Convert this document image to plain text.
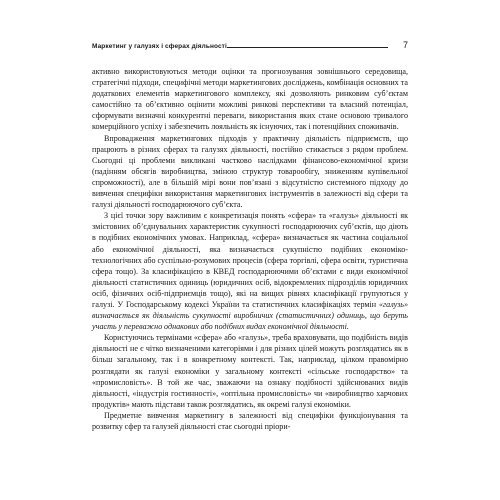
Маркетинг у галузях і сферах діяльності	7

активно використовуються методи оцінки та прогнозування зовнішнього середовища, стратегічні підходи, специфічні методи маркетингових досліджень, комбінація основних та додаткових елементів маркетингового комплексу, які дозволяють ринковим суб’єктам самостійно та об’єктивно оцінити можливі ринкові перспективи та власний потенціал, сформувати визначні конкурентні переваги, використання яких стане основою тривалого комерційного успіху і забезпечить лояльність як існуючих, так і потенційних споживачів.

Впровадження маркетингових підходів у практичну діяльність підприємств, що працюють в різних сферах та галузях діяльності, постійно стикається з рядом проблем. Сьогодні ці проблеми викликані частково наслідками фінансово-економічної кризи (падінням обсягів виробництва, зміною структур товарообігу, зниженням купівельної спроможності), але в більшій мірі вони пов’язані з відсутністю системного підходу до вивчення специфіки використання маркетингових інструментів в залежності від сфери та галузі діяльності господарюючого суб’єкта.

З цієї точки зору важливим є конкретизація понять «сфера» та «галузь» діяльності як змістовних об’єднувальних характеристик сукупності господарюючих суб’єктів, що діють в подібних економічних умовах. Наприклад, «сфера» визначається як частина соціальної або економічної діяльності, яка визначається сукупністю подібних економіко-технологічних або суспільно-розумових процесів (сфера торгівлі, сфера освіти, туристична сфера тощо). За класифікацією в КВЕД господарюючими об’єктами є види економічної діяльності статистичних одиниць (юридичних осіб, відокремлених підрозділів юридичних осіб, фізичних осіб-підприємців тощо), які на вищих рівнях класифікації групуються у галузі. У Господарському кодексі України та статистичних класифікаціях термін «галузь» визначається як діяльність сукупності виробничих (статистичних) одиниць, що беруть участь у переважно однакових або подібних видах економічної діяльності.

Користуючись термінами «сфера» або «галузь», треба враховувати, що подібність видів діяльності не є чітко визначеними категоріями і для різних цілей можуть розглядатись як в більш загальному, так і в конкретному контексті. Так, наприклад, цілком правомірно розглядати як галузі економіки у загальному контексті «сільське господарство» та «промисловість». В той же час, зважаючи на ознаку подібності здійснюваних видів діяльності, «індустрія гостинності», «оптільна промисловість» чи «виробництво харчових продуктів» мають підстави також розглядатись, як окремі галузі економіки.

Предметне вивчення маркетингу в залежності від специфіки функціонування та розвитку сфер та галузей діяльності стає сьогодні пріори-
